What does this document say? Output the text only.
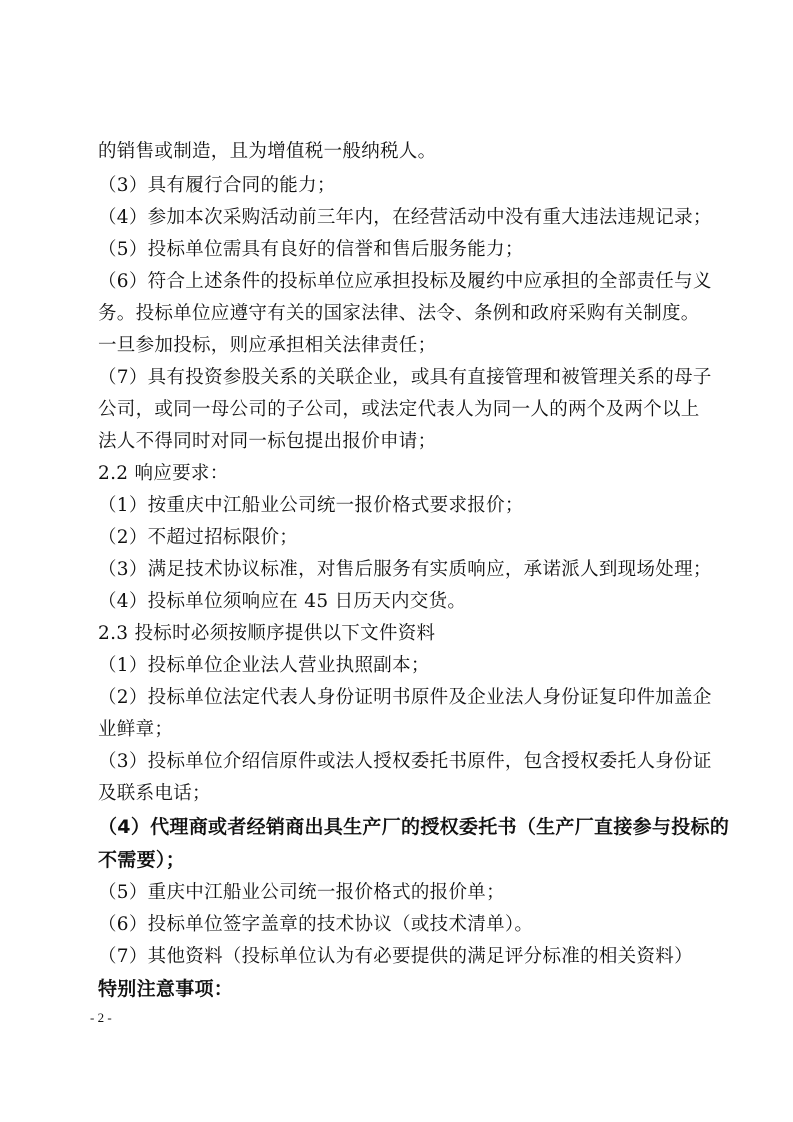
的销售或制造，且为增值税一般纳税人。
（3）具有履行合同的能力；
（4）参加本次采购活动前三年内，在经营活动中没有重大违法违规记录；
（5）投标单位需具有良好的信誉和售后服务能力；
（6）符合上述条件的投标单位应承担投标及履约中应承担的全部责任与义
务。投标单位应遵守有关的国家法律、法令、条例和政府采购有关制度。
一旦参加投标，则应承担相关法律责任；
（7）具有投资参股关系的关联企业，或具有直接管理和被管理关系的母子
公司，或同一母公司的子公司，或法定代表人为同一人的两个及两个以上
法人不得同时对同一标包提出报价申请；
2.2 响应要求：
（1）按重庆中江船业公司统一报价格式要求报价；
（2）不超过招标限价；
（3）满足技术协议标准，对售后服务有实质响应，承诺派人到现场处理；
（4）投标单位须响应在 45 日历天内交货。
2.3 投标时必须按顺序提供以下文件资料
（1）投标单位企业法人营业执照副本；
（2）投标单位法定代表人身份证明书原件及企业法人身份证复印件加盖企
业鲜章；
（3）投标单位介绍信原件或法人授权委托书原件，包含授权委托人身份证
及联系电话；
（4）代理商或者经销商出具生产厂的授权委托书（生产厂直接参与投标的
不需要）；
（5）重庆中江船业公司统一报价格式的报价单；
（6）投标单位签字盖章的技术协议（或技术清单）。
（7）其他资料（投标单位认为有必要提供的满足评分标准的相关资料）
特别注意事项：
- 2 -
